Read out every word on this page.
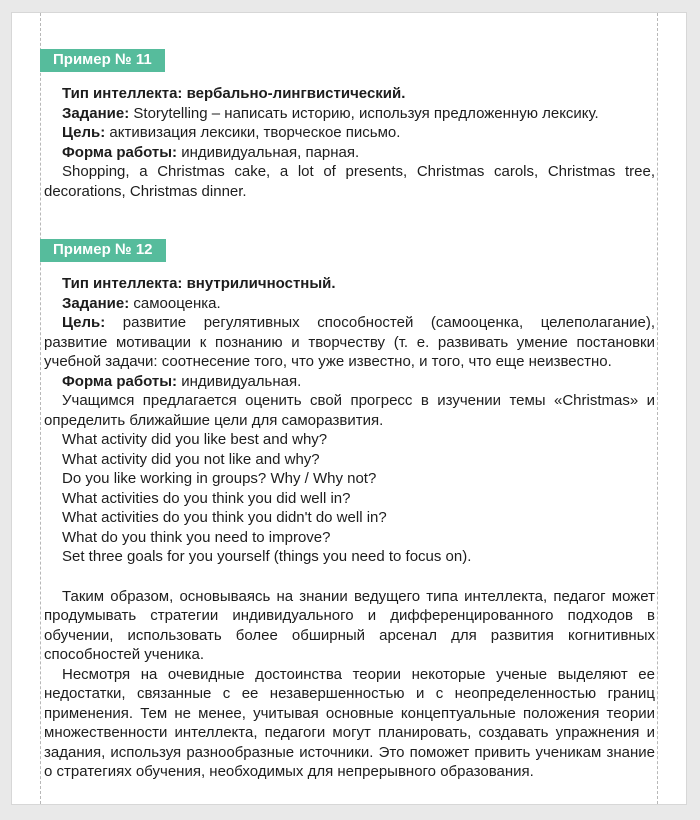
Пример № 11

Тип интеллекта: вербально-лингвистический.

Задание: Storytelling – написать историю, используя предложенную лексику.

Цель: активизация лексики, творческое письмо.

Форма работы: индивидуальная, парная.

Shopping, a Christmas cake, a lot of presents, Christmas carols, Christmas tree, decorations, Christmas dinner.

Пример № 12

Тип интеллекта: внутриличностный.

Задание: самооценка.

Цель: развитие регулятивных способностей (самооценка, целеполагание), развитие мотивации к познанию и творчеству (т. е. развивать умение постановки учебной задачи: соотнесение того, что уже известно, и того, что еще неизвестно.

Форма работы: индивидуальная.

Учащимся предлагается оценить свой прогресс в изучении темы «Christmas» и определить ближайшие цели для саморазвития.

What activity did you like best and why?

What activity did you not like and why?

Do you like working in groups? Why / Why not?

What activities do you think you did well in?

What activities do you think you didn't do well in?

What do you think you need to improve?

Set three goals for you yourself (things you need to focus on).

Таким образом, основываясь на знании ведущего типа интеллекта, педагог может продумывать стратегии индивидуального и дифференцированного подходов в обучении, использовать более обширный арсенал для развития когнитивных способностей ученика.

Несмотря на очевидные достоинства теории некоторые ученые выделяют ее недостатки, связанные с ее незавершенностью и с неопределенностью границ применения. Тем не менее, учитывая основные концептуальные положения теории множественности интеллекта, педагоги могут планировать, создавать упражнения и задания, используя разнообразные источники. Это поможет привить ученикам знание о стратегиях обучения, необходимых для непрерывного образования.
